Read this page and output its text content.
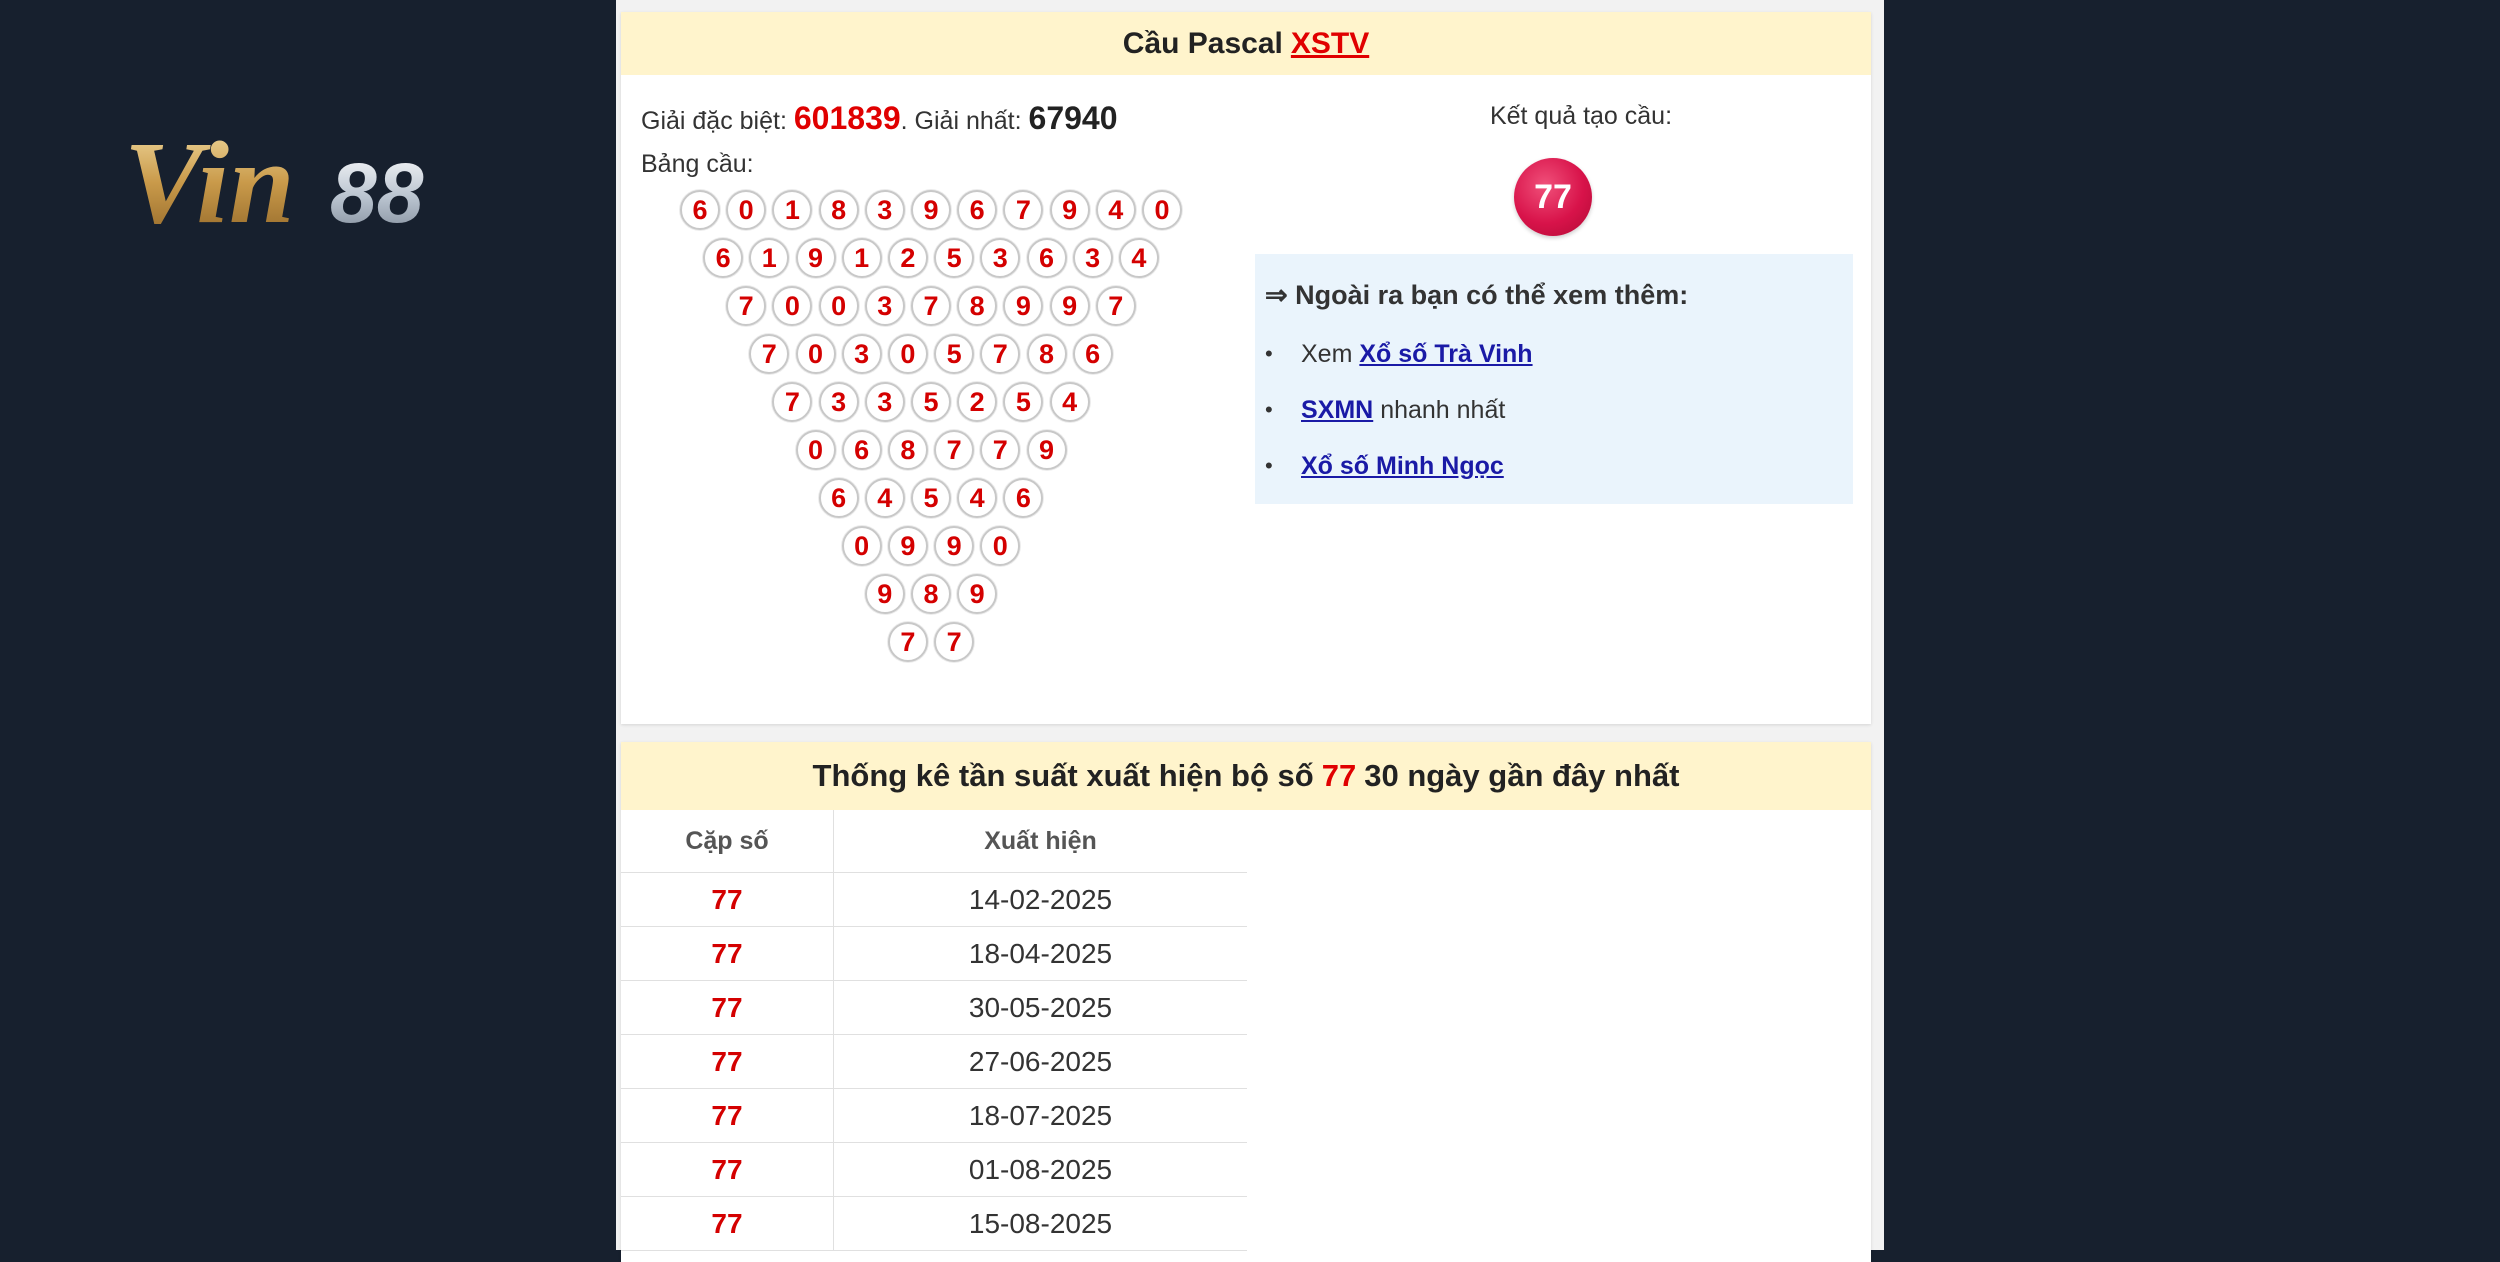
Vin 88
Cầu Pascal XSTV
Giải đặc biệt: 601839. Giải nhất: 67940
Bảng cầu:
6	0	1	8	3	9	6	7	9	4	0
6	1	9	1	2	5	3	6	3	4
7	0	0	3	7	8	9	9	7
7	0	3	0	5	7	8	6
7	3	3	5	2	5	4
0	6	8	7	7	9
6	4	5	4	6
0	9	9	0
9	8	9
7	7
Kết quả tạo cầu:
77
⇒ Ngoài ra bạn có thể xem thêm:
• Xem Xổ số Trà Vinh
• SXMN nhanh nhất
• Xổ số Minh Ngọc
Thống kê tần suất xuất hiện bộ số 77 30 ngày gần đây nhất
Cặp số	Xuất hiện
77	14-02-2025
77	18-04-2025
77	30-05-2025
77	27-06-2025
77	18-07-2025
77	01-08-2025
77	15-08-2025
